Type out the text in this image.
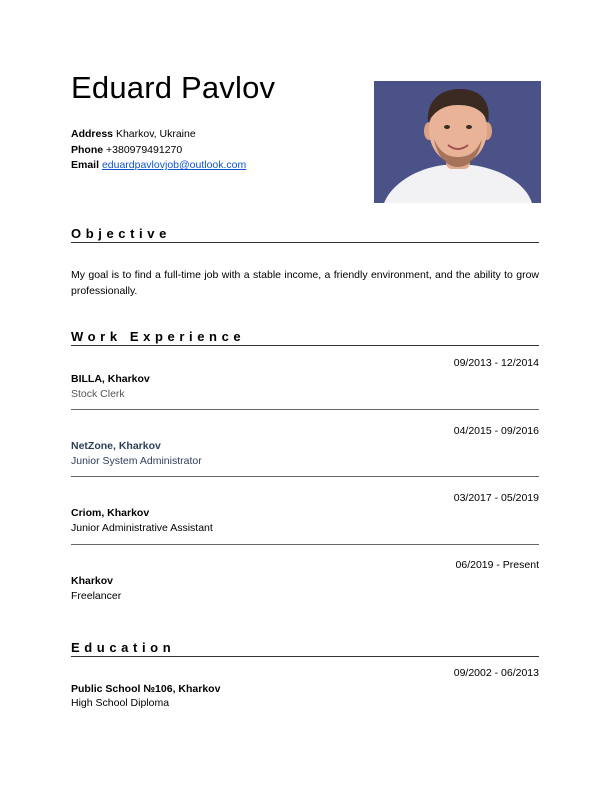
Eduard Pavlov
Address Kharkov, Ukraine
Phone +380979491270
Email eduardpavlovjob@outlook.com
Objective
My goal is to find a full-time job with a stable income, a friendly environment, and the ability to grow professionally.
Work Experience
09/2013 - 12/2014
BILLA, Kharkov
Stock Clerk
04/2015 - 09/2016
NetZone, Kharkov
Junior System Administrator
03/2017 - 05/2019
Criom, Kharkov
Junior Administrative Assistant
06/2019 - Present
Kharkov
Freelancer
Education
09/2002 - 06/2013
Public School №106, Kharkov
High School Diploma
